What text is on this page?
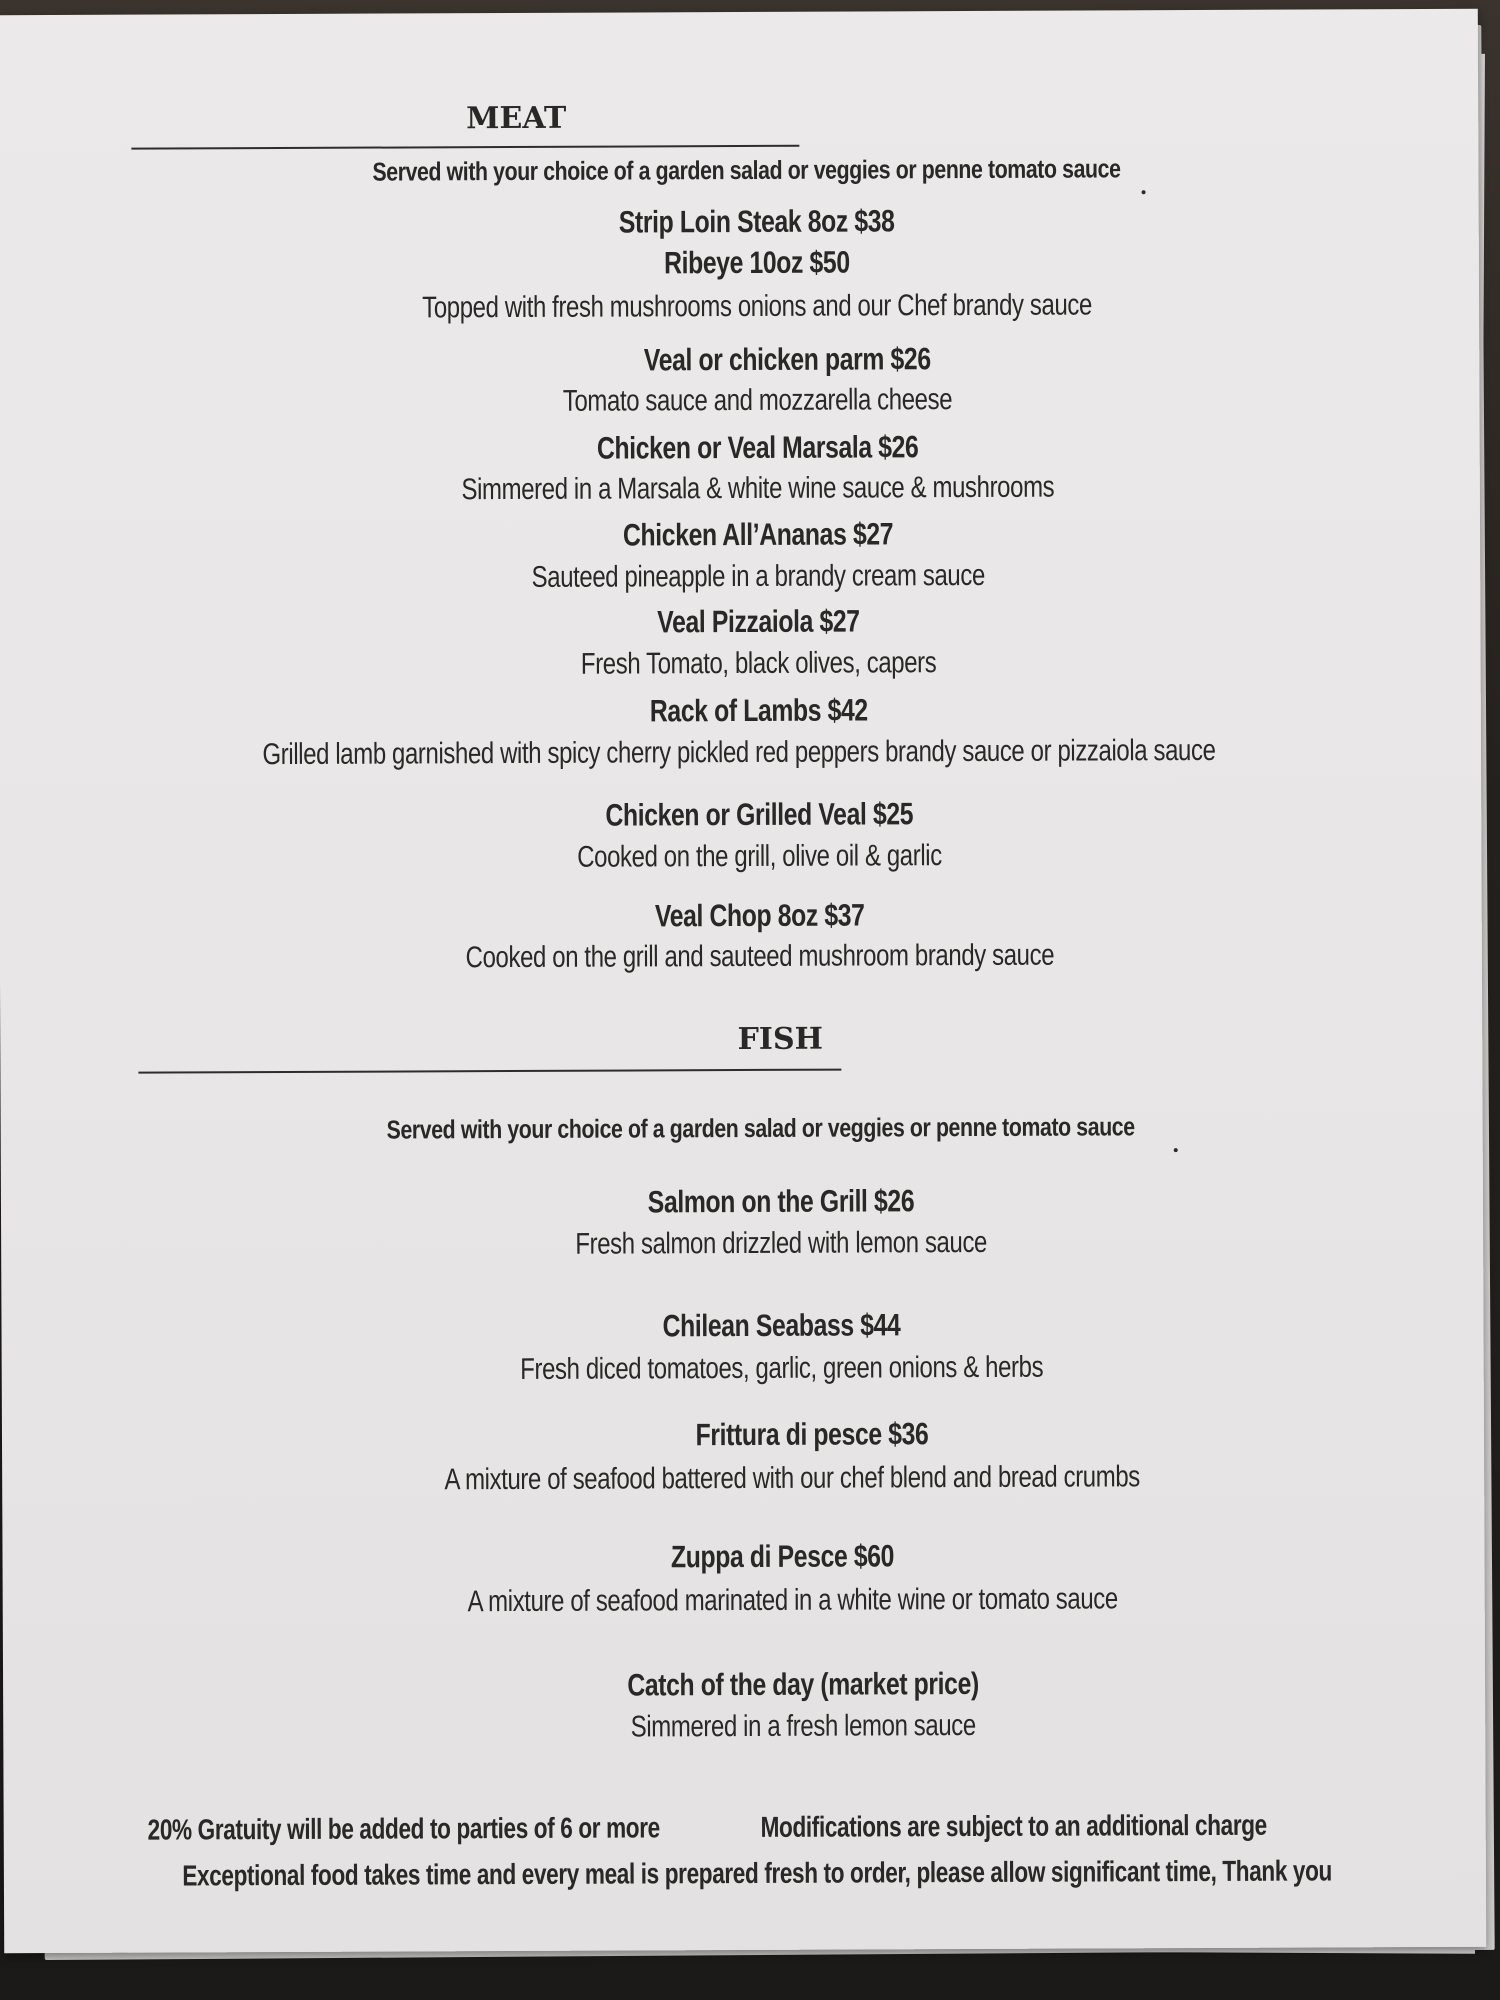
MEAT
Served with your choice of a garden salad or veggies or penne tomato sauce
Strip Loin Steak 8oz $38
Ribeye 10oz $50
Topped with fresh mushrooms onions and our Chef brandy sauce
Veal or chicken parm $26
Tomato sauce and mozzarella cheese
Chicken or Veal Marsala $26
Simmered in a Marsala & white wine sauce & mushrooms
Chicken All’Ananas $27
Sauteed pineapple in a brandy cream sauce
Veal Pizzaiola $27
Fresh Tomato, black olives, capers
Rack of Lambs $42
Grilled lamb garnished with spicy cherry pickled red peppers brandy sauce or pizzaiola sauce
Chicken or Grilled Veal $25
Cooked on the grill, olive oil & garlic
Veal Chop 8oz $37
Cooked on the grill and sauteed mushroom brandy sauce
FISH
Served with your choice of a garden salad or veggies or penne tomato sauce
Salmon on the Grill $26
Fresh salmon drizzled with lemon sauce
Chilean Seabass $44
Fresh diced tomatoes, garlic, green onions & herbs
Frittura di pesce $36
A mixture of seafood battered with our chef blend and bread crumbs
Zuppa di Pesce $60
A mixture of seafood marinated in a white wine or tomato sauce
Catch of the day (market price)
Simmered in a fresh lemon sauce
20% Gratuity will be added to parties of 6 or more	Modifications are subject to an additional charge
Exceptional food takes time and every meal is prepared fresh to order, please allow significant time, Thank you
